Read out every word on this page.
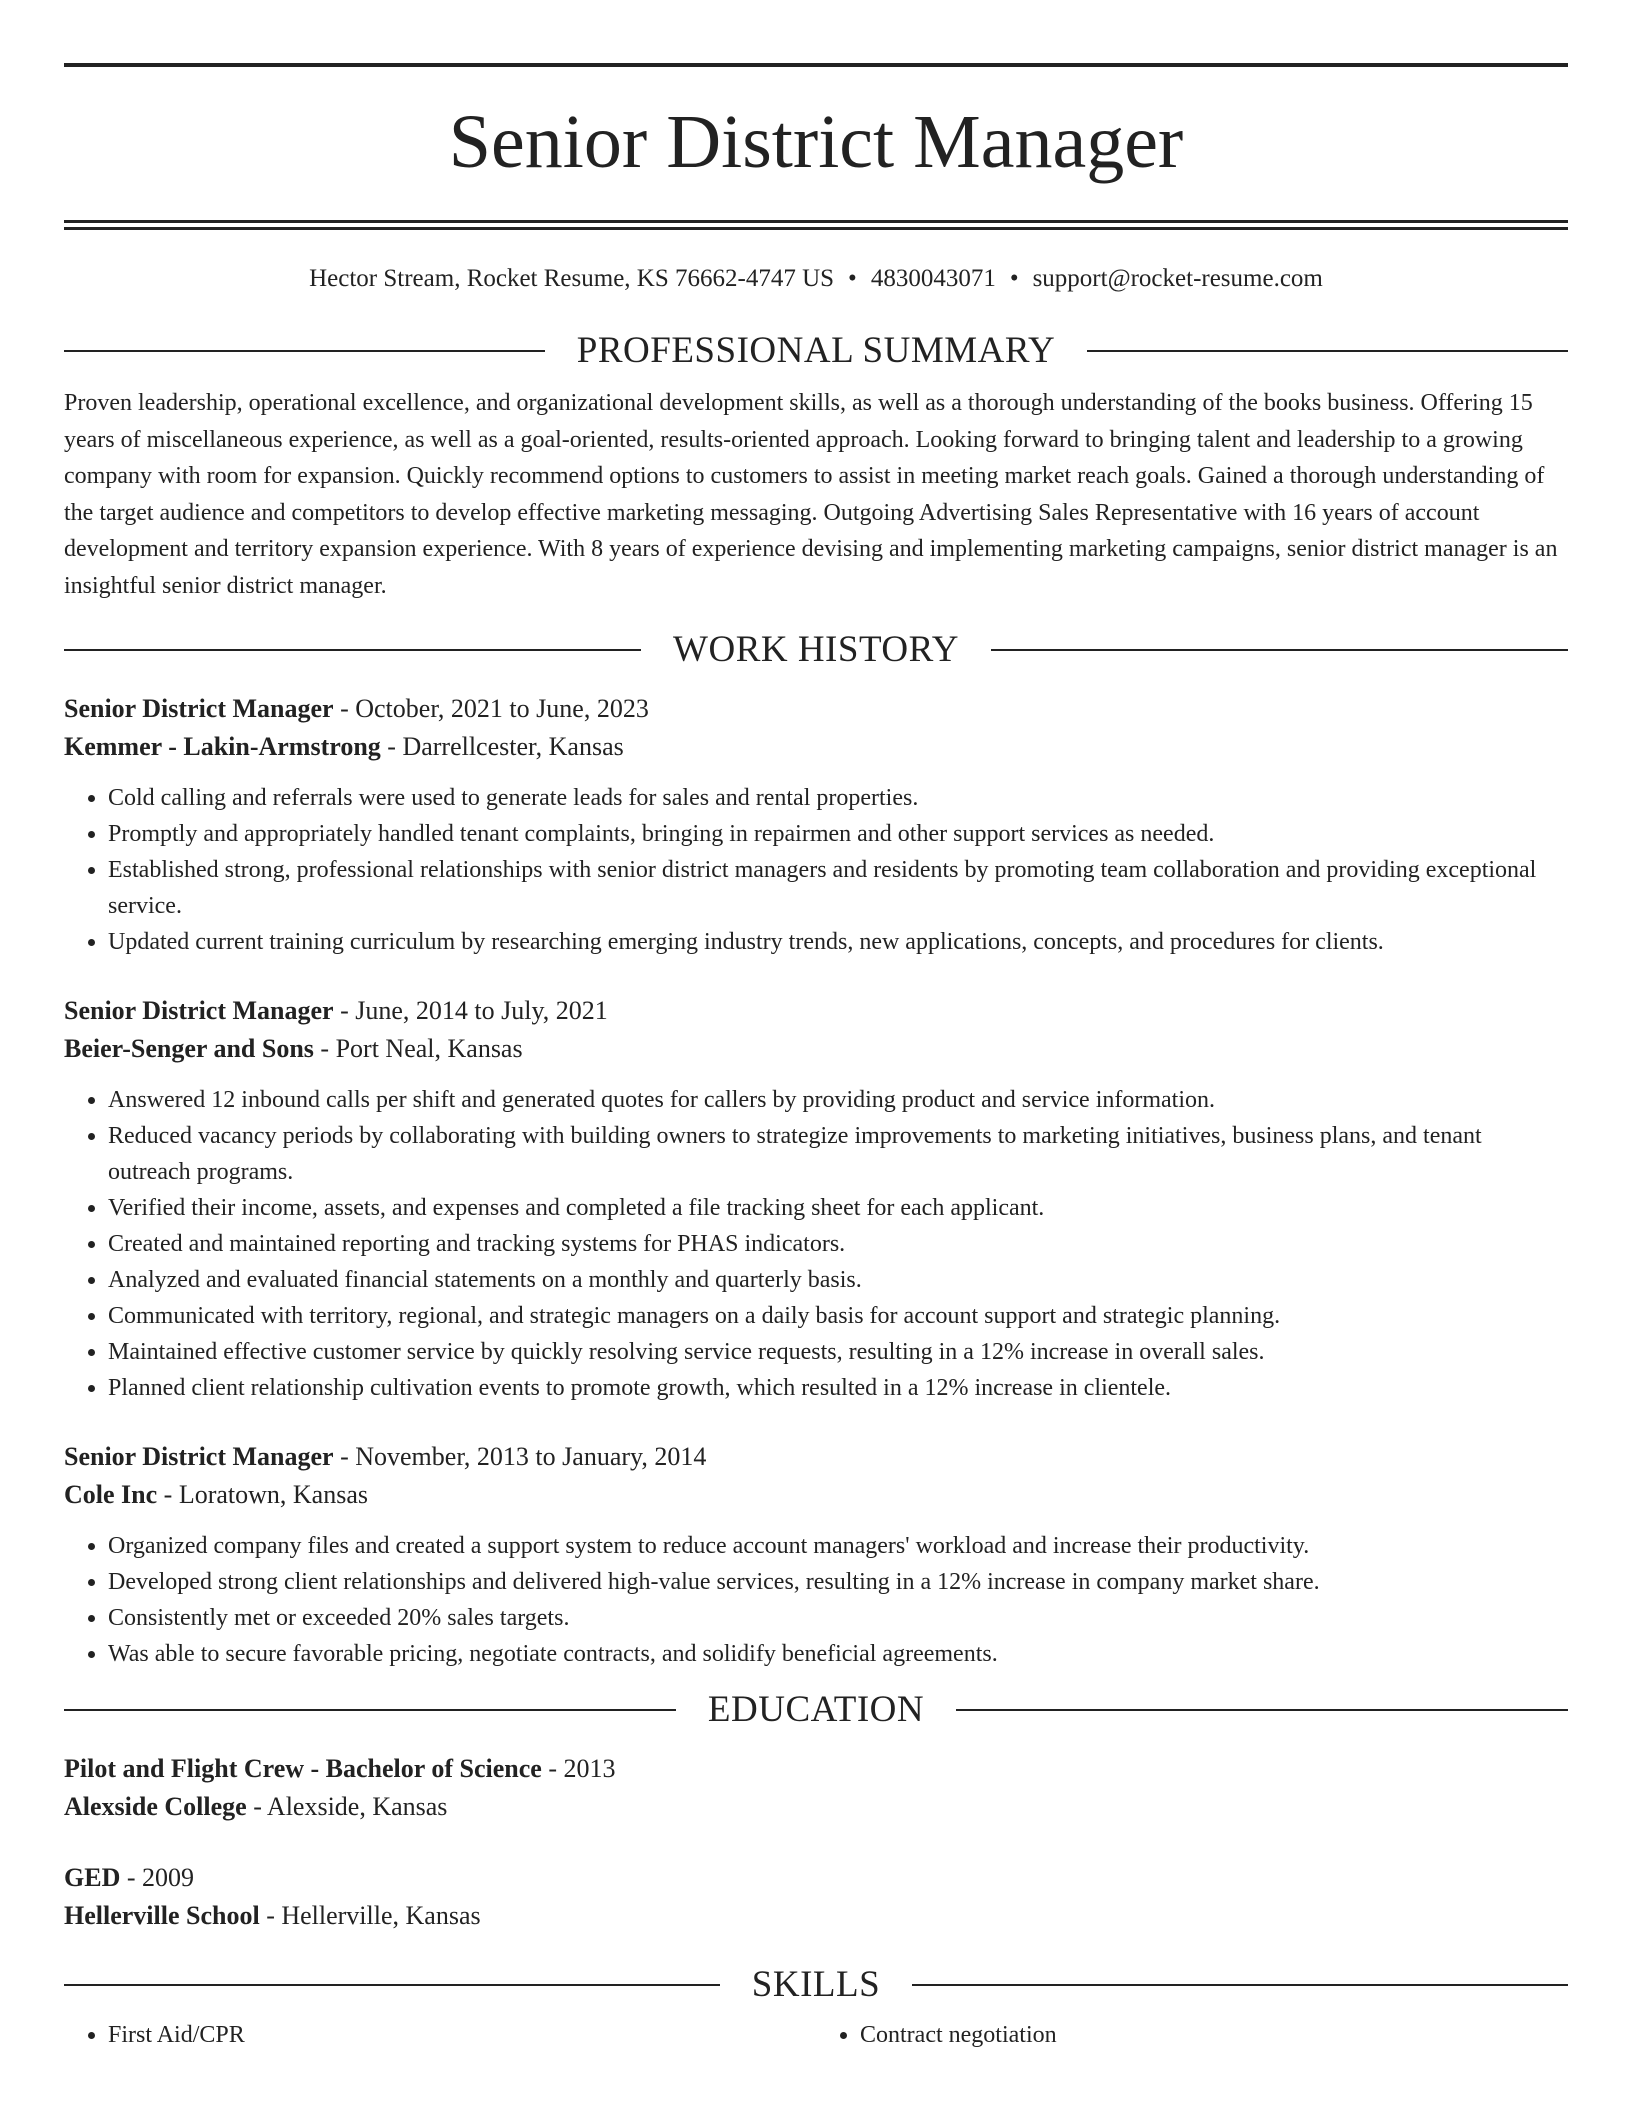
Senior District Manager
Hector Stream, Rocket Resume, KS 76662-4747 US • 4830043071 • support@rocket-resume.com
PROFESSIONAL SUMMARY

Proven leadership, operational excellence, and organizational development skills, as well as a thorough understanding of the books business. Offering 15 years of miscellaneous experience, as well as a goal-oriented, results-oriented approach. Looking forward to bringing talent and leadership to a growing company with room for expansion. Quickly recommend options to customers to assist in meeting market reach goals. Gained a thorough understanding of the target audience and competitors to develop effective marketing messaging. Outgoing Advertising Sales Representative with 16 years of account development and territory expansion experience. With 8 years of experience devising and implementing marketing campaigns, senior district manager is an insightful senior district manager.

WORK HISTORY
Senior District Manager - October, 2021 to June, 2023
Kemmer - Lakin-Armstrong - Darrellcester, Kansas
• Cold calling and referrals were used to generate leads for sales and rental properties.
• Promptly and appropriately handled tenant complaints, bringing in repairmen and other support services as needed.
• Established strong, professional relationships with senior district managers and residents by promoting team collaboration and providing exceptional service.
• Updated current training curriculum by researching emerging industry trends, new applications, concepts, and procedures for clients.
Senior District Manager - June, 2014 to July, 2021
Beier-Senger and Sons - Port Neal, Kansas
• Answered 12 inbound calls per shift and generated quotes for callers by providing product and service information.
• Reduced vacancy periods by collaborating with building owners to strategize improvements to marketing initiatives, business plans, and tenant outreach programs.
• Verified their income, assets, and expenses and completed a file tracking sheet for each applicant.
• Created and maintained reporting and tracking systems for PHAS indicators.
• Analyzed and evaluated financial statements on a monthly and quarterly basis.
• Communicated with territory, regional, and strategic managers on a daily basis for account support and strategic planning.
• Maintained effective customer service by quickly resolving service requests, resulting in a 12% increase in overall sales.
• Planned client relationship cultivation events to promote growth, which resulted in a 12% increase in clientele.
Senior District Manager - November, 2013 to January, 2014
Cole Inc - Loratown, Kansas
• Organized company files and created a support system to reduce account managers' workload and increase their productivity.
• Developed strong client relationships and delivered high-value services, resulting in a 12% increase in company market share.
• Consistently met or exceeded 20% sales targets.
• Was able to secure favorable pricing, negotiate contracts, and solidify beneficial agreements.
EDUCATION
Pilot and Flight Crew - Bachelor of Science - 2013
Alexside College - Alexside, Kansas
GED - 2009
Hellerville School - Hellerville, Kansas
SKILLS
• First Aid/CPR
•	Contract negotiation
